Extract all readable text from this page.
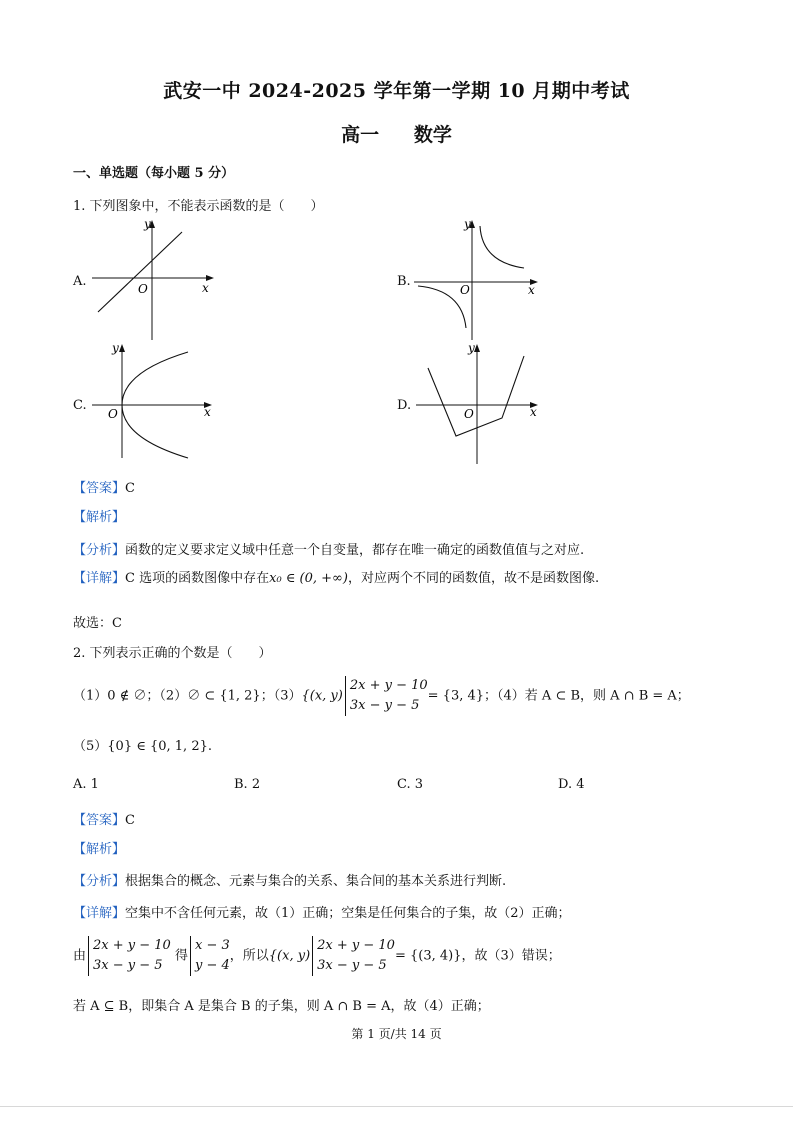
武安一中 2024-2025 学年第一学期 10 月期中考试
高一 数学
一、单选题（每小题 5 分）
1. 下列图象中，不能表示函数的是（　　）
A.	x
y
O	B.
x
y
O
C.	x
y
O
D.	x
y
O
【答案】C
【解析】
【分析】函数的定义要求定义域中任意一个自变量，都存在唯一确定的函数值值与之对应.
【详解】C 选项的函数图像中存在x₀ ∈ (0, +∞)，对应两个不同的函数值，故不是函数图像.
故选：C
2. 下列表示正确的个数是（　　）
（1）0 ∉ ∅；（2）∅ ⊂ {1, 2}；（3）{(x, y)
2x + y − 10
3x − y − 5
= {3, 4}；（4）若 A ⊂ B，则 A ∩ B = A；
（5）{0} ∈ {0, 1, 2}.
A. 1	B. 2	C. 3	D. 4
【答案】C
【解析】
【分析】根据集合的概念、元素与集合的关系、集合间的基本关系进行判断.
【详解】空集中不含任何元素，故（1）正确；空集是任何集合的子集，故（2）正确；
由
2x + y − 10
3x − y − 5
得
x − 3
y − 4
，所以{(x, y)
2x + y − 10
3x − y − 5
= {(3, 4)}，故（3）错误；
若 A ⊆ B，即集合 A 是集合 B 的子集，则 A ∩ B = A，故（4）正确；
第 1 页/共 14 页
